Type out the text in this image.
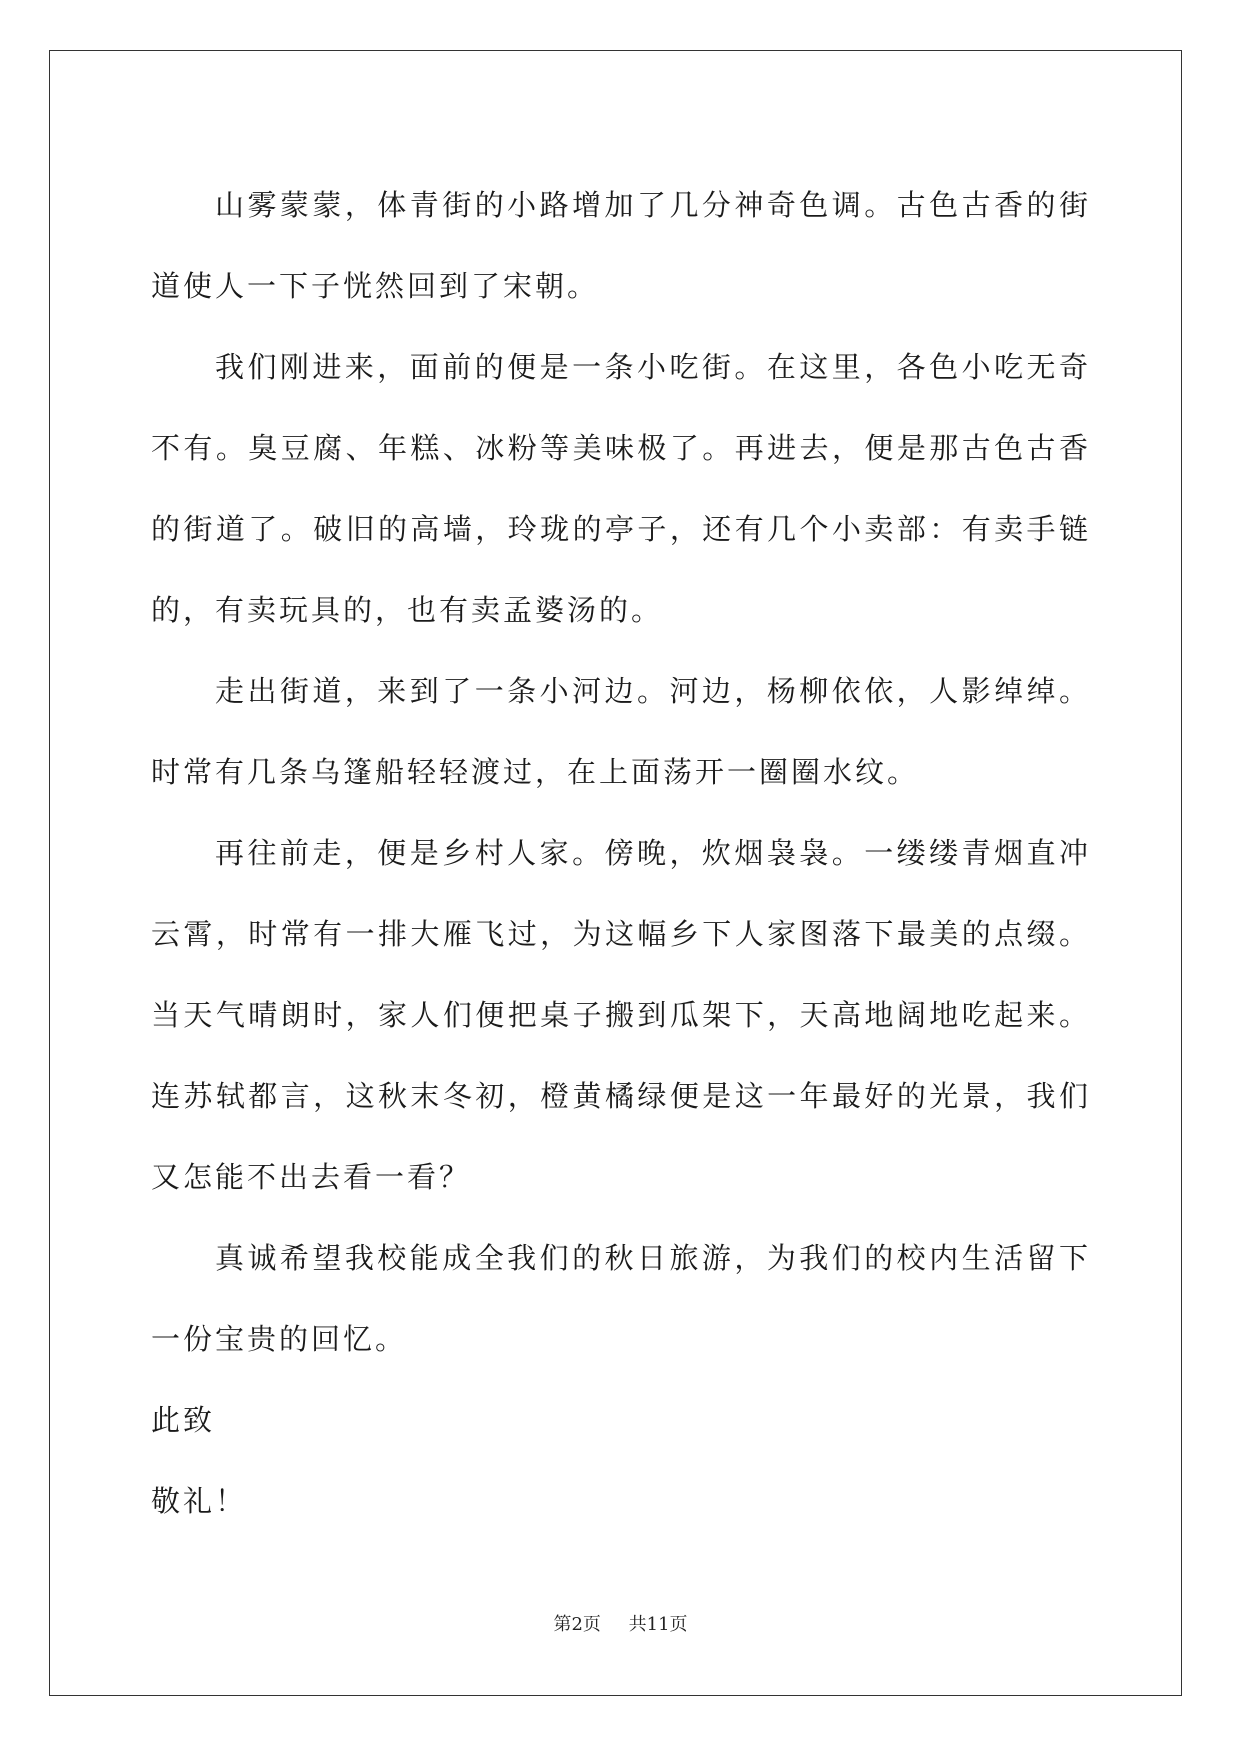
山雾蒙蒙，体青街的小路增加了几分神奇色调。古色古香的街道使人一下子恍然回到了宋朝。

我们刚进来，面前的便是一条小吃街。在这里，各色小吃无奇不有。臭豆腐、年糕、冰粉等美味极了。再进去，便是那古色古香的街道了。破旧的高墙，玲珑的亭子，还有几个小卖部：有卖手链的，有卖玩具的，也有卖孟婆汤的。

走出街道，来到了一条小河边。河边，杨柳依依，人影绰绰。时常有几条乌篷船轻轻渡过，在上面荡开一圈圈水纹。

再往前走，便是乡村人家。傍晚，炊烟袅袅。一缕缕青烟直冲云霄，时常有一排大雁飞过，为这幅乡下人家图落下最美的点缀。当天气晴朗时，家人们便把桌子搬到瓜架下，天高地阔地吃起来。连苏轼都言，这秋末冬初，橙黄橘绿便是这一年最好的光景，我们又怎能不出去看一看？

真诚希望我校能成全我们的秋日旅游，为我们的校内生活留下一份宝贵的回忆。

此致

敬礼！

第2页 共11页
